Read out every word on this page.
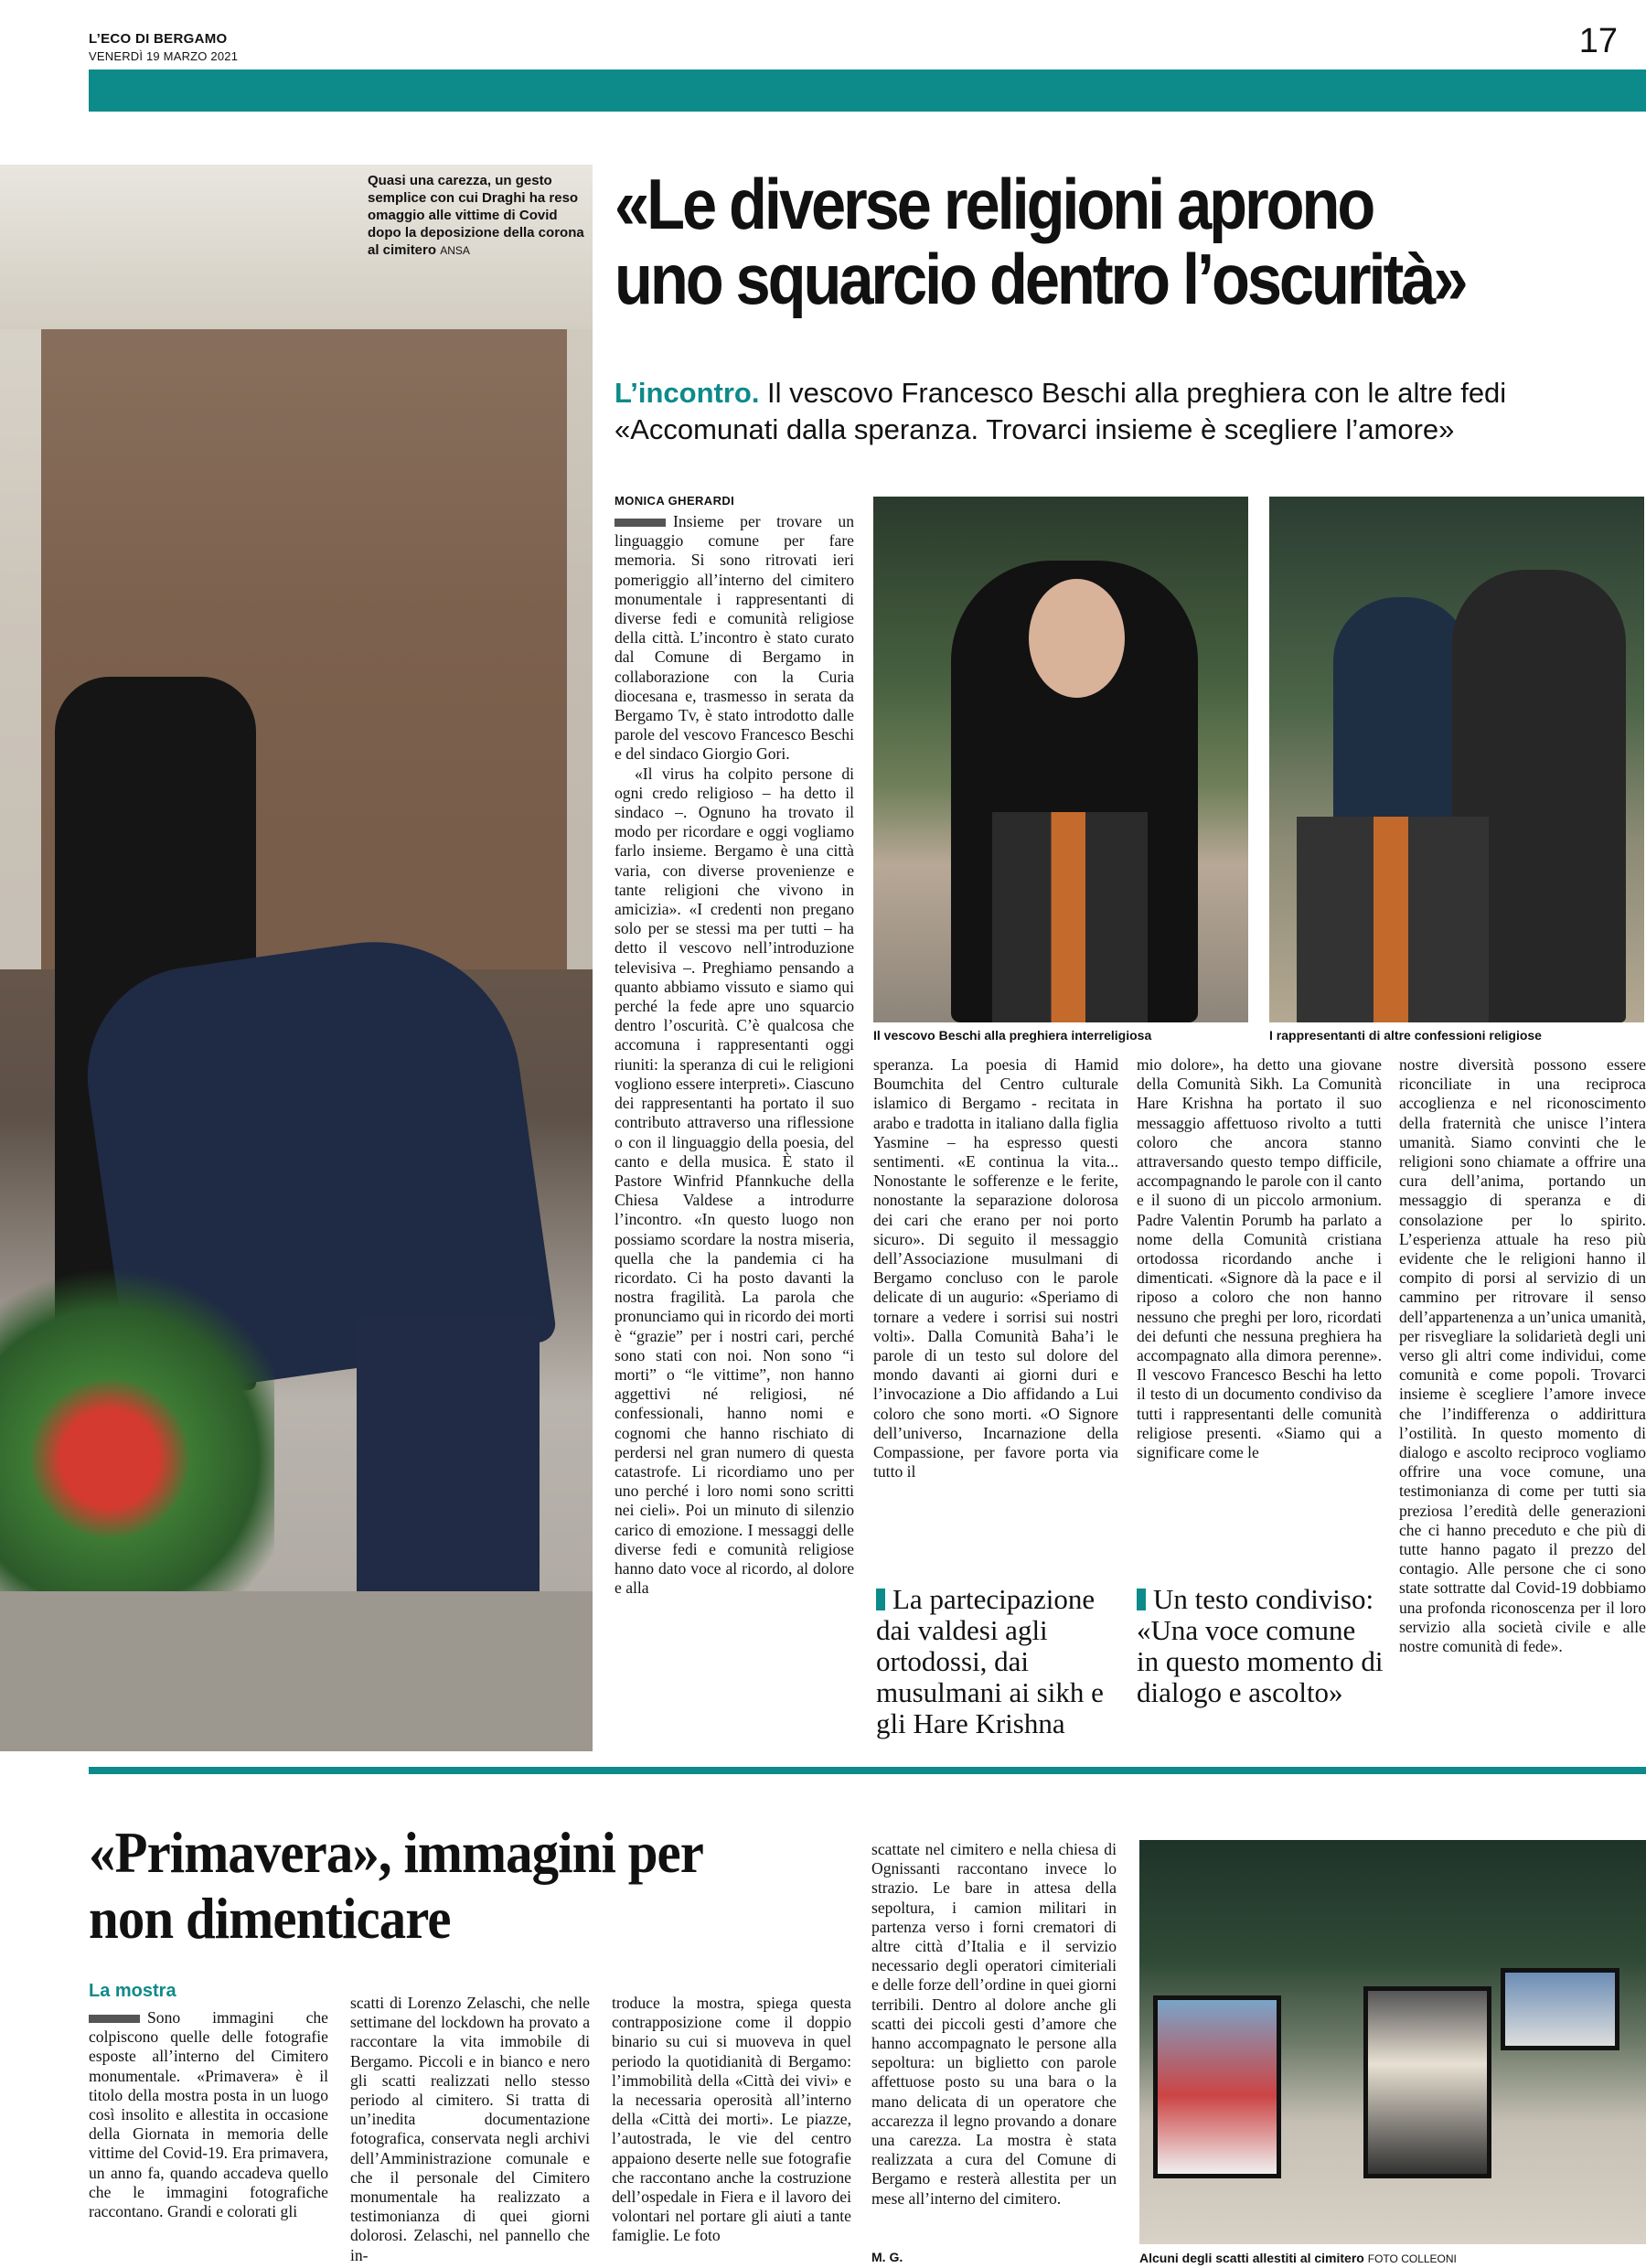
L’ECO DI BERGAMO
VENERDÌ 19 MARZO 2021	17
Quasi una carezza, un gesto semplice con cui Draghi ha reso omaggio alle vittime di Covid dopo la deposizione della corona al cimitero ANSA
«Le diverse religioni aprono
uno squarcio dentro l’oscurità»
L’incontro. Il vescovo Francesco Beschi alla preghiera con le altre fedi
«Accomunati dalla speranza. Trovarci insieme è scegliere l’amore»
MONICA GHERARDI

Insieme per trovare un linguaggio comune per fare memoria. Si sono ritrovati ieri pomeriggio all’interno del cimitero monumentale i rappresentanti di diverse fedi e comunità religiose della città. L’incontro è stato curato dal Comune di Bergamo in collaborazione con la Curia diocesana e, trasmesso in serata da Bergamo Tv, è stato introdotto dalle parole del vescovo Francesco Beschi e del sindaco Giorgio Gori.

«Il virus ha colpito persone di ogni credo religioso – ha detto il sindaco –. Ognuno ha trovato il modo per ricordare e oggi vogliamo farlo insieme. Bergamo è una città varia, con diverse provenienze e tante religioni che vivono in amicizia». «I credenti non pregano solo per se stessi ma per tutti – ha detto il vescovo nell’introduzione televisiva –. Preghiamo pensando a quanto abbiamo vissuto e siamo qui perché la fede apre uno squarcio dentro l’oscurità. C’è qualcosa che accomuna i rappresentanti oggi riuniti: la speranza di cui le religioni vogliono essere interpreti». Ciascuno dei rappresentanti ha portato il suo contributo attraverso una riflessione o con il linguaggio della poesia, del canto e della musica. È stato il Pastore Winfrid Pfannkuche della Chiesa Valdese a introdurre l’incontro. «In questo luogo non possiamo scordare la nostra miseria, quella che la pandemia ci ha ricordato. Ci ha posto davanti la nostra fragilità. La parola che pronunciamo qui in ricordo dei morti è “grazie” per i nostri cari, perché sono stati con noi. Non sono “i morti” o “le vittime”, non hanno aggettivi né religiosi, né confessionali, hanno nomi e cognomi che hanno rischiato di perdersi nel gran numero di questa catastrofe. Li ricordiamo uno per uno perché i loro nomi sono scritti nei cieli». Poi un minuto di silenzio carico di emozione. I messaggi delle diverse fedi e comunità religiose hanno dato voce al ricordo, al dolore e alla

Il vescovo Beschi alla preghiera interreligiosa	I rappresentanti di altre confessioni religiose

speranza. La poesia di Hamid Boumchita del Centro culturale islamico di Bergamo - recitata in arabo e tradotta in italiano dalla figlia Yasmine – ha espresso questi sentimenti. «E continua la vita... Nonostante le sofferenze e le ferite, nonostante la separazione dolorosa dei cari che erano per noi porto sicuro». Di seguito il messaggio dell’Associazione musulmani di Bergamo concluso con le parole delicate di un augurio: «Speriamo di tornare a vedere i sorrisi sui nostri volti». Dalla Comunità Baha’i le parole di un testo sul dolore del mondo davanti ai giorni duri e l’invocazione a Dio affidando a Lui coloro che sono morti. «O Signore dell’universo, Incarnazione della Compassione, per favore porta via tutto il

mio dolore», ha detto una giovane della Comunità Sikh. La Comunità Hare Krishna ha portato il suo messaggio affettuoso rivolto a tutti coloro che ancora stanno attraversando questo tempo difficile, accompagnando le parole con il canto e il suono di un piccolo armonium. Padre Valentin Porumb ha parlato a nome della Comunità cristiana ortodossa ricordando anche i dimenticati. «Signore dà la pace e il riposo a coloro che non hanno nessuno che preghi per loro, ricordati dei defunti che nessuna preghiera ha accompagnato alla dimora perenne». Il vescovo Francesco Beschi ha letto il testo di un documento condiviso da tutti i rappresentanti delle comunità religiose presenti. «Siamo qui a significare come le

nostre diversità possono essere riconciliate in una reciproca accoglienza e nel riconoscimento della fraternità che unisce l’intera umanità. Siamo convinti che le religioni sono chiamate a offrire una cura dell’anima, portando un messaggio di speranza e di consolazione per lo spirito. L’esperienza attuale ha reso più evidente che le religioni hanno il compito di porsi al servizio di un cammino per ritrovare il senso dell’appartenenza a un’unica umanità, per risvegliare la solidarietà degli uni verso gli altri come individui, come comunità e come popoli. Trovarci insieme è scegliere l’amore invece che l’indifferenza o addirittura l’ostilità. In questo momento di dialogo e ascolto reciproco vogliamo offrire una voce comune, una testimonianza di come per tutti sia preziosa l’eredità delle generazioni che ci hanno preceduto e che più di tutte hanno pagato il prezzo del contagio. Alle persone che ci sono state sottratte dal Covid-19 dobbiamo una profonda riconoscenza per il loro servizio alla società civile e alle nostre comunità di fede».

La partecipazione dai valdesi agli ortodossi, dai musulmani ai sikh e gli Hare Krishna
Un testo condiviso: «Una voce comune in questo momento di dialogo e ascolto»
«Primavera», immagini per non dimenticare
La mostra

Sono immagini che colpiscono quelle delle fotografie esposte all’interno del Cimitero monumentale. «Primavera» è il titolo della mostra posta in un luogo così insolito e allestita in occasione della Giornata in memoria delle vittime del Covid-19. Era primavera, un anno fa, quando accadeva quello che le immagini fotografiche raccontano. Grandi e colorati gli

scatti di Lorenzo Zelaschi, che nelle settimane del lockdown ha provato a raccontare la vita immobile di Bergamo. Piccoli e in bianco e nero gli scatti realizzati nello stesso periodo al cimitero. Si tratta di un’inedita documentazione fotografica, conservata negli archivi dell’Amministrazione comunale e che il personale del Cimitero monumentale ha realizzato a testimonianza di quei giorni dolorosi. Zelaschi, nel pannello che in-

troduce la mostra, spiega questa contrapposizione come il doppio binario su cui si muoveva in quel periodo la quotidianità di Bergamo: l’immobilità della «Città dei vivi» e la necessaria operosità all’interno della «Città dei morti». Le piazze, l’autostrada, le vie del centro appaiono deserte nelle sue fotografie che raccontano anche la costruzione dell’ospedale in Fiera e il lavoro dei volontari nel portare gli aiuti a tante famiglie. Le foto

scattate nel cimitero e nella chiesa di Ognissanti raccontano invece lo strazio. Le bare in attesa della sepoltura, i camion militari in partenza verso i forni crematori di altre città d’Italia e il servizio necessario degli operatori cimiteriali e delle forze dell’ordine in quei giorni terribili. Dentro al dolore anche gli scatti dei piccoli gesti d’amore che hanno accompagnato le persone alla sepoltura: un biglietto con parole affettuose posto su una bara o la mano delicata di un operatore che accarezza il legno provando a donare una carezza. La mostra è stata realizzata a cura del Comune di Bergamo e resterà allestita per un mese all’interno del cimitero.

M. G.	Alcuni degli scatti allestiti al cimitero FOTO COLLEONI
